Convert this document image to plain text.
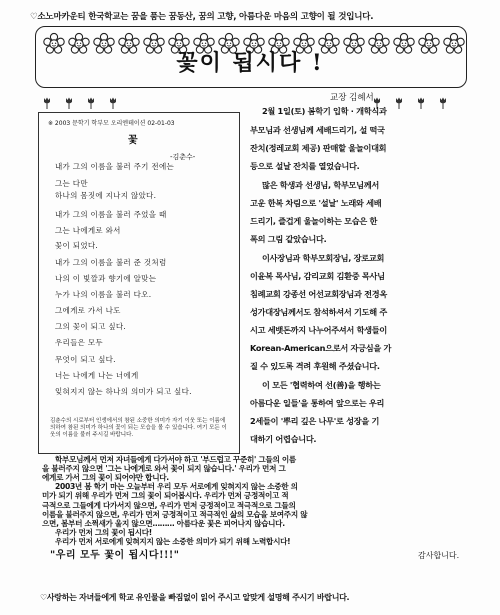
♡소노마카운티 한국학교는 꿈을 품는 꿈동산, 꿈의 고향, 아름다운 마음의 고향이 될 것입니다.
꽃이 됩시다 !
※ 2003 문학기 학부모 오리엔테이션 02-01-03
꽃
-김춘수-
내가 그의 이름을 불러 주기 전에는
그는 다만
하나의 몸짓에 지나지 않았다.
내가 그의 이름을 불러 주었을 때
그는 나에게로 와서
꽃이 되었다.
내가 그의 이름을 불러 준 것처럼
나의 이 빛깔과 향기에 알맞는
누가 나의 이름을 불러 다오.
그에게로 가서 나도
그의 꽃이 되고 싶다.
우리들은 모두
무엇이 되고 싶다.
너는 나에게 나는 너에게
잊혀지지 않는 하나의 의미가 되고 싶다.
김춘수의 시로부터 인생에서의 참된 소중한 의미가 자기 이웃 또는 이름에 의하여 참된 의미가 하나의 꽃이 되는 모습을 볼 수 있습니다. 여기 모든 이웃의 이름을 불러 주시길 바랍니다.
교장 김혜서
2월 1일(토) 봄학기 입학 · 개학식과
부모님과 선생님께 세배드리기, 설 떡국
잔치(정레교회 제공) 판매할 울놀이대회
등으로 설날 잔치를 열었습니다.
많은 학생과 선생님, 학부모님께서
고운 한복 차림으로 '설날' 노래와 세배
드리기, 즐겁게 울놀이하는 모습은 한
폭의 그림 같았습니다.
이사장님과 학부모회장님, 장로교회
이윤복 목사님, 감리교회 김환중 목사님
침례교회 강종선 어선교회장님과 전경옥
성가대장님께서도 참석하셔서 기도해 주
시고 세뱃돈까지 나누어주셔서 학생들이
Korean-American으로서 자긍심을 가
질 수 있도록 격려 후원해 주셨습니다.
이 모든 '협력하여 선(善)을 행하는
아름다운 일들'을 통하여 앞으로는 우리
2세들이 '뿌리 깊은 나무'로 성장을 기
대하기 어렵습니다.
학부모님께서 먼저 자녀들에게 다가서야 하고 '부드럽고 꾸준히' 그들의 이름
을 불러주지 않으면 '그는 나에게로 와서 꽃이 되지 않습니다.' 우리가 먼저 그
에게로 가서 그의 꽃이 되어야만 합니다.
2003년 봄 학기 마는 오늘부터 우리 모두 서로에게 잊혀지지 않는 소중한 의
미가 되기 위해 우리가 먼저 그의 꽃이 되어봅시다. 우리가 먼저 긍정적이고 적
극적으로 그들에게 다가서지 않으면, 우리가 먼저 긍정적이고 적극적으로 그들의
이름을 불러주지 않으면, 우리가 먼저 긍정적이고 적극적인 삶의 모습을 보여주지 않
으면, 봄부터 소쩍새가 울지 않으면……… 아름다운 꽃은 피어나지 않습니다.
우리가 먼저 그의 꽃이 됩시다!
우리가 먼저 서로에게 잊혀지지 않는 소중한 의미가 되기 위해 노력합시다!
"우리 모두 꽃이 됩시다!!!"	감사합니다.
♡사랑하는 자녀들에게 학교 유인물을 빠짐없이 읽어 주시고 알맞게 설명해 주시기 바랍니다.
